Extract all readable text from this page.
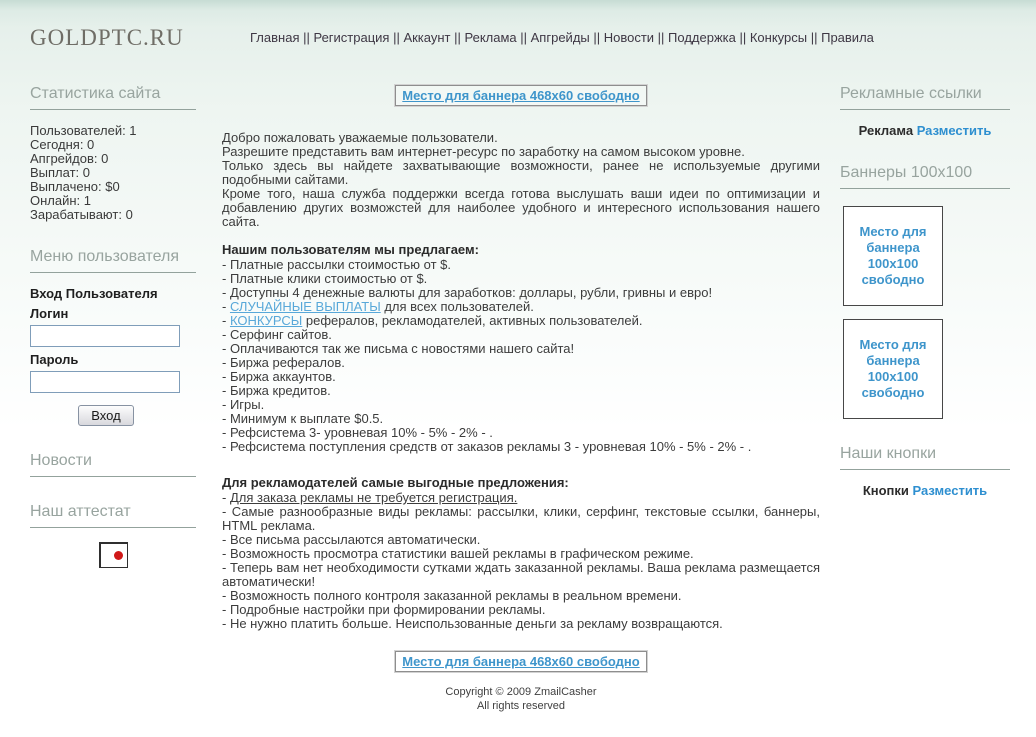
GOLDPTC.RU	Главная || Регистрация || Аккаунт || Реклама || Апгрейды || Новости || Поддержка || Конкурсы || Правила
Статистика сайта
Пользователей: 1
Сегодня: 0
Апгрейдов: 0
Выплат: 0
Выплачено: $0
Онлайн: 1
Зарабатывают: 0
Меню пользователя
Вход Пользователя
Логин
Пароль
Вход
Новости
Наш аттестат
Место для баннера 468x60 свободно
Добро пожаловать уважаемые пользователи.
Разрешите представить вам интернет-ресурс по заработку на самом высоком уровне.
Только здесь вы найдете захватывающие возможности, ранее не используемые другими подобными сайтами.
Кроме того, наша служба поддержки всегда готова выслушать ваши идеи по оптимизации и добавлению других возможстей для наиболее удобного и интересного использования нашего сайта.
Нашим пользователям мы предлагаем:
- Платные рассылки стоимостью от $.
- Платные клики стоимостью от $.
- Доступны 4 денежные валюты для заработков: доллары, рубли, гривны и евро!
- СЛУЧАЙНЫЕ ВЫПЛАТЫ для всех пользователей.
- КОНКУРСЫ рефералов, рекламодателей, активных пользователей.
- Серфинг сайтов.
- Оплачиваются так же письма с новостями нашего сайта!
- Биржа рефералов.
- Биржа аккаунтов.
- Биржа кредитов.
- Игры.
- Минимум к выплате $0.5.
- Рефсистема 3- уровневая 10% - 5% - 2% - .
- Рефсистема поступления средств от заказов рекламы 3 - уровневая 10% - 5% - 2% - .
Для рекламодателей самые выгодные предложения:
- Для заказа рекламы не требуется регистрация.
- Самые разнообразные виды рекламы: рассылки, клики, серфинг, текстовые ссылки, баннеры, HTML реклама.
- Все письма рассылаются автоматически.
- Возможность просмотра статистики вашей рекламы в графическом режиме.
- Теперь вам нет необходимости сутками ждать заказанной рекламы. Ваша реклама размещается автоматически!
- Возможность полного контроля заказанной рекламы в реальном времени.
- Подробные настройки при формировании рекламы.
- Не нужно платить больше. Неиспользованные деньги за рекламу возвращаются.
Место для баннера 468x60 свободно
Copyright © 2009 ZmailCasher
All rights reserved
Рекламные ссылки
Реклама Разместить
Баннеры 100x100
Место для баннера 100x100 свободно
Место для баннера 100x100 свободно
Наши кнопки
Кнопки Разместить
